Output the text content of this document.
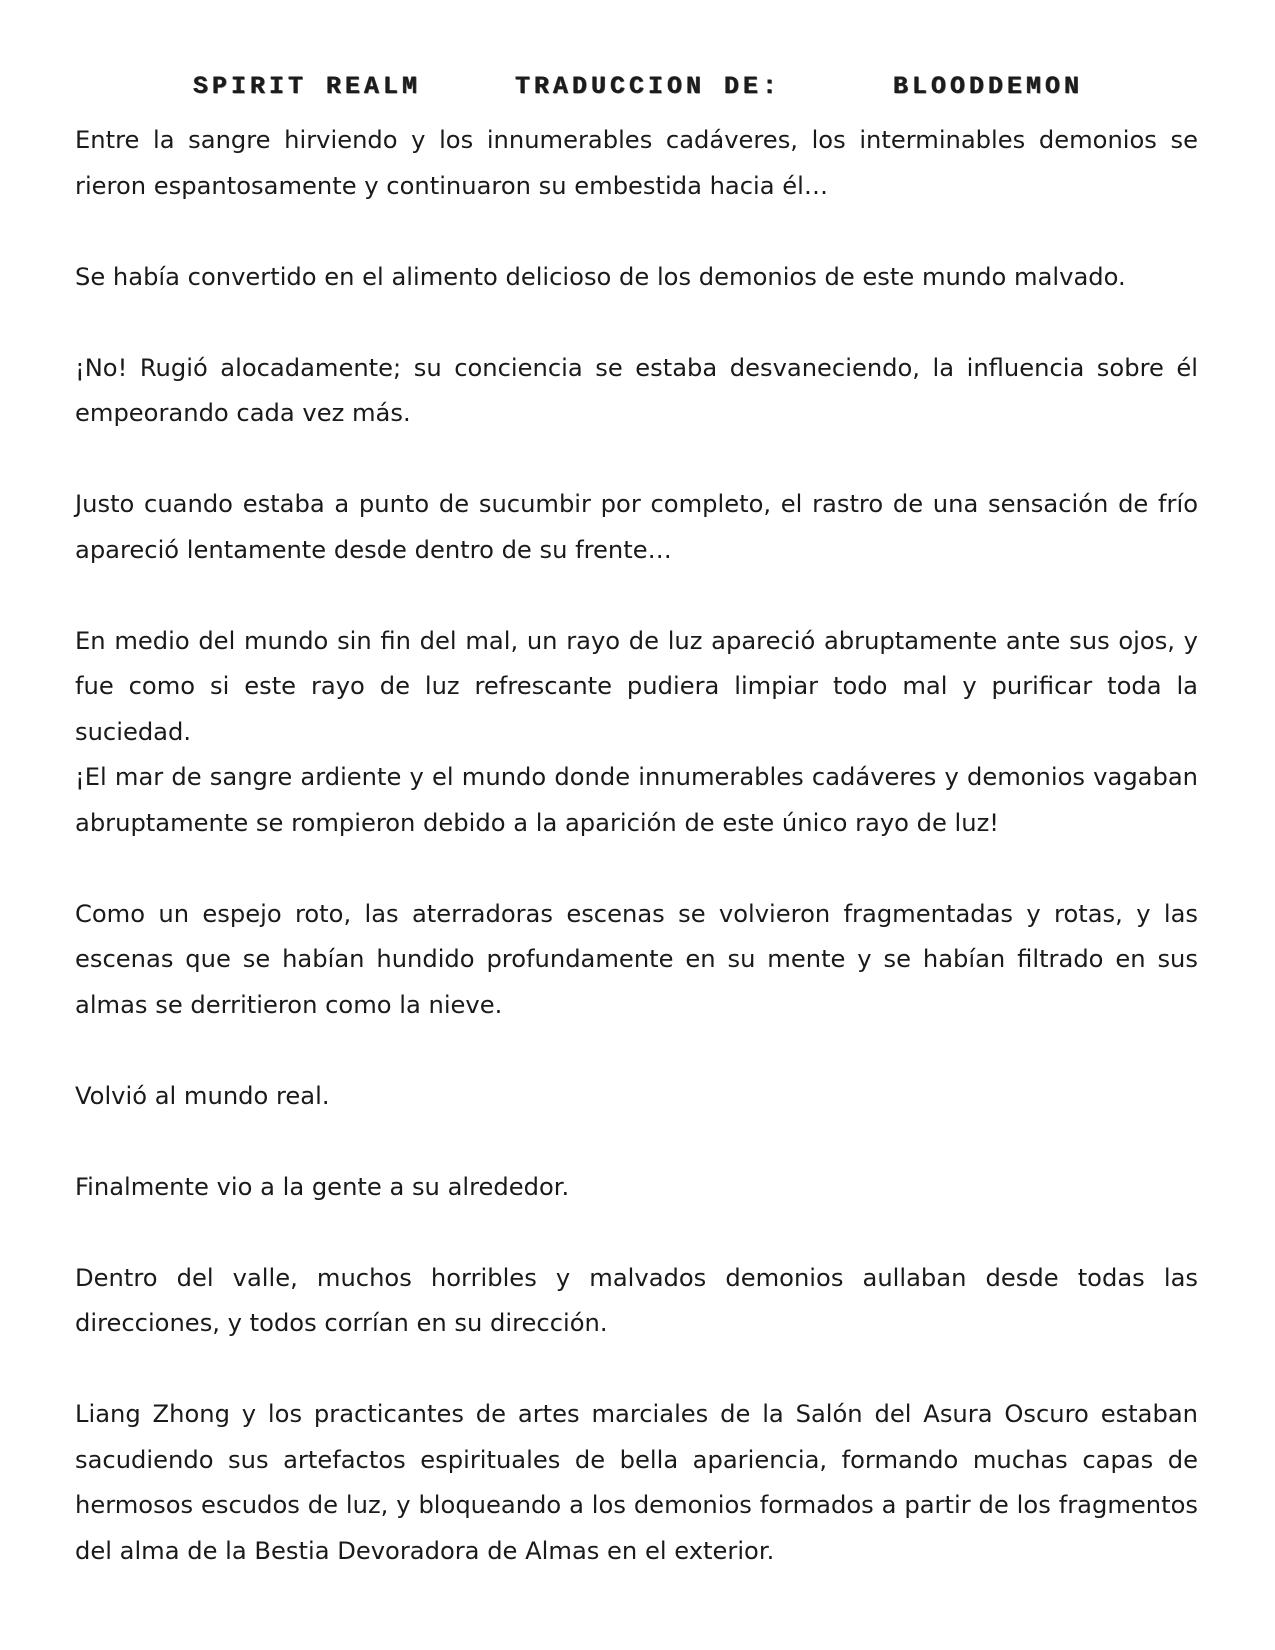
SPIRIT REALM	TRADUCCION DE:	BLOODDEMON

Entre la sangre hirviendo y los innumerables cadáveres, los interminables demonios se rieron espantosamente y continuaron su embestida hacia él…

Se había convertido en el alimento delicioso de los demonios de este mundo malvado.

¡No! Rugió alocadamente; su conciencia se estaba desvaneciendo, la influencia sobre él empeorando cada vez más.

Justo cuando estaba a punto de sucumbir por completo, el rastro de una sensación de frío apareció lentamente desde dentro de su frente…

En medio del mundo sin fin del mal, un rayo de luz apareció abruptamente ante sus ojos, y fue como si este rayo de luz refrescante pudiera limpiar todo mal y purificar toda la suciedad.

¡El mar de sangre ardiente y el mundo donde innumerables cadáveres y demonios vagaban abruptamente se rompieron debido a la aparición de este único rayo de luz!

Como un espejo roto, las aterradoras escenas se volvieron fragmentadas y rotas, y las escenas que se habían hundido profundamente en su mente y se habían filtrado en sus almas se derritieron como la nieve.

Volvió al mundo real.

Finalmente vio a la gente a su alrededor.

Dentro del valle, muchos horribles y malvados demonios aullaban desde todas las direcciones, y todos corrían en su dirección.

Liang Zhong y los practicantes de artes marciales de la Salón del Asura Oscuro estaban sacudiendo sus artefactos espirituales de bella apariencia, formando muchas capas de hermosos escudos de luz, y bloqueando a los demonios formados a partir de los fragmentos del alma de la Bestia Devoradora de Almas en el exterior.
